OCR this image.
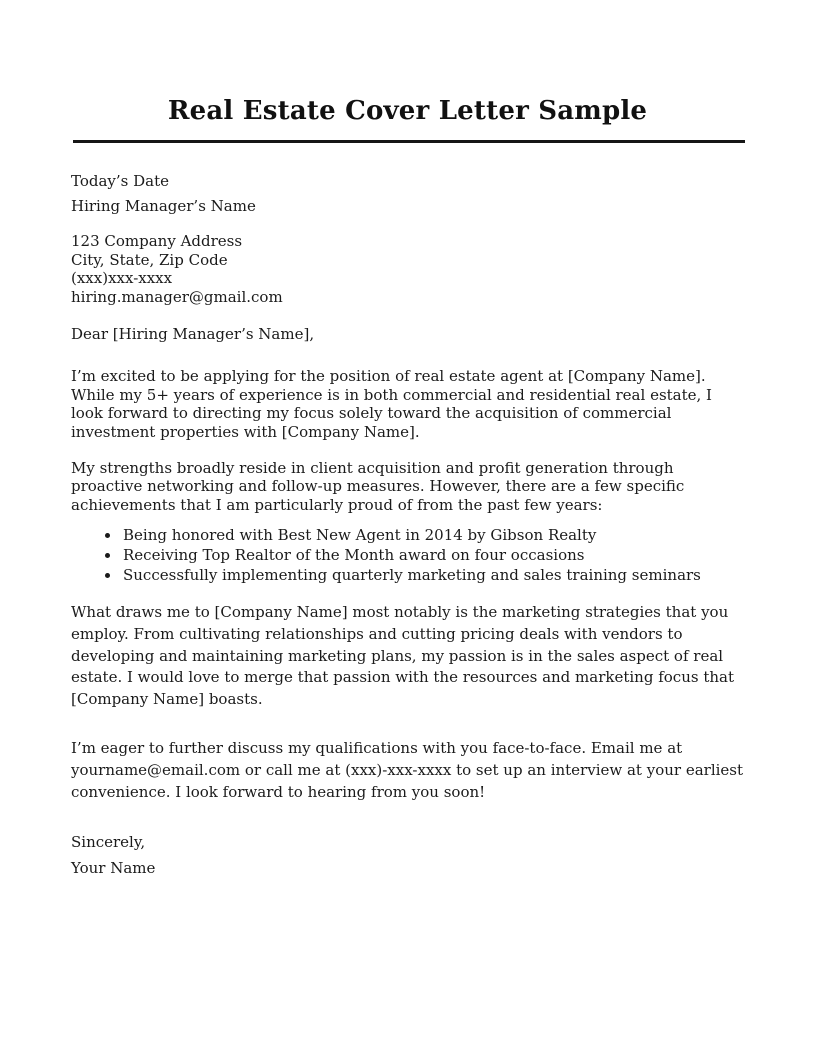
Real Estate Cover Letter Sample

Today’s Date

Hiring Manager’s Name

123 Company Address

City, State, Zip Code

(xxx)xxx-xxxx

hiring.manager@gmail.com

Dear [Hiring Manager’s Name],

I’m excited to be applying for the position of real estate agent at [Company Name]. While my 5+ years of experience is in both commercial and residential real estate, I look forward to directing my focus solely toward the acquisition of commercial investment properties with [Company Name].

My strengths broadly reside in client acquisition and profit generation through proactive networking and follow-up measures. However, there are a few specific achievements that I am particularly proud of from the past few years:

• Being honored with Best New Agent in 2014 by Gibson Realty
• Receiving Top Realtor of the Month award on four occasions
• Successfully implementing quarterly marketing and sales training seminars

What draws me to [Company Name] most notably is the marketing strategies that you employ. From cultivating relationships and cutting pricing deals with vendors to developing and maintaining marketing plans, my passion is in the sales aspect of real estate. I would love to merge that passion with the resources and marketing focus that [Company Name] boasts.

I’m eager to further discuss my qualifications with you face-to-face. Email me at yourname@email.com or call me at (xxx)-xxx-xxxx to set up an interview at your earliest convenience. I look forward to hearing from you soon!

Sincerely,

Your Name
